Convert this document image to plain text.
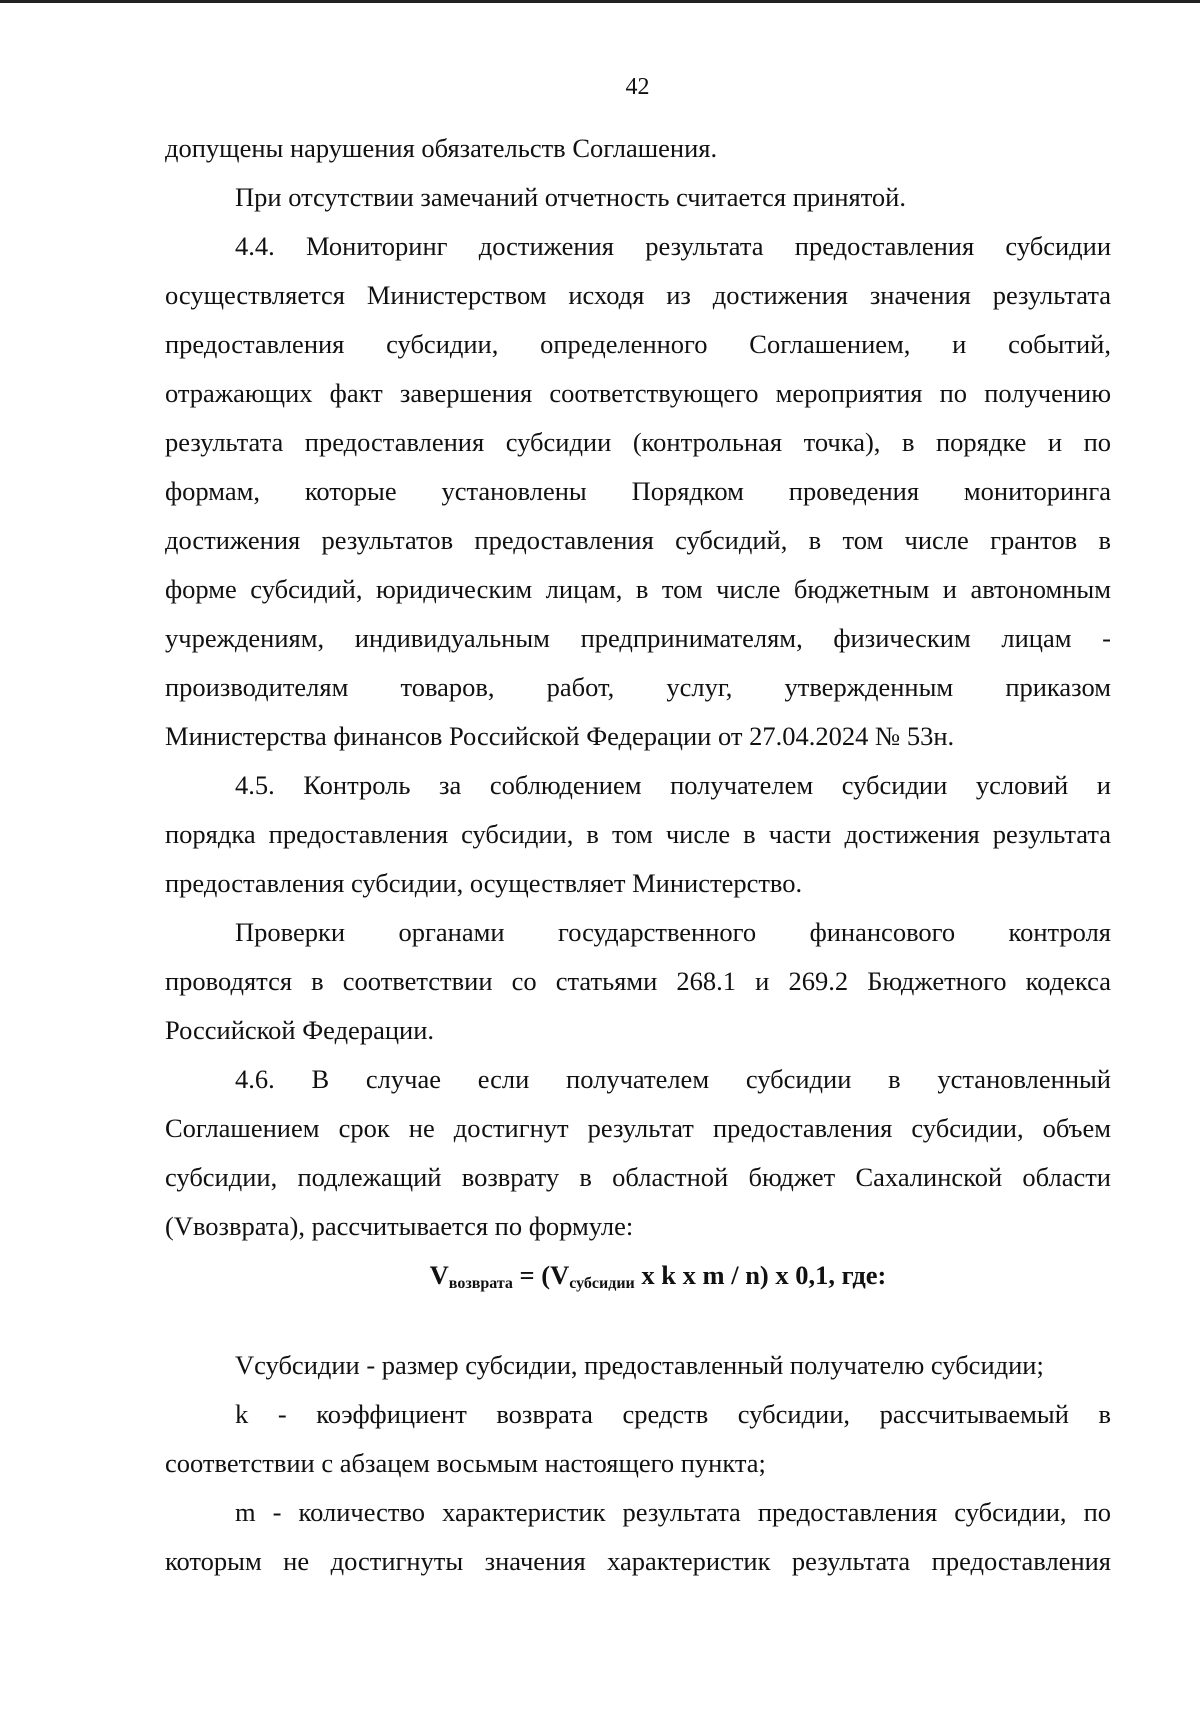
42

допущены нарушения обязательств Соглашения.

При отсутствии замечаний отчетность считается принятой.

4.4. Мониторинг достижения результата предоставления субсидии

осуществляется Министерством исходя из достижения значения результата

предоставления субсидии, определенного Соглашением, и событий,

отражающих факт завершения соответствующего мероприятия по получению

результата предоставления субсидии (контрольная точка), в порядке и по

формам, которые установлены Порядком проведения мониторинга

достижения результатов предоставления субсидий, в том числе грантов в

форме субсидий, юридическим лицам, в том числе бюджетным и автономным

учреждениям, индивидуальным предпринимателям, физическим лицам -

производителям товаров, работ, услуг, утвержденным приказом

Министерства финансов Российской Федерации от 27.04.2024 № 53н.

4.5. Контроль за соблюдением получателем субсидии условий и

порядка предоставления субсидии, в том числе в части достижения результата

предоставления субсидии, осуществляет Министерство.

Проверки органами государственного финансового контроля

проводятся в соответствии со статьями 268.1 и 269.2 Бюджетного кодекса

Российской Федерации.

4.6. В случае если получателем субсидии в установленный

Соглашением срок не достигнут результат предоставления субсидии, объем

субсидии, подлежащий возврату в областной бюджет Сахалинской области

(Vвозврата), рассчитывается по формуле:

$V_{возврата} = (V_{субсидии}$ x k x m / n) x 0,1, где:

Vсубсидии - размер субсидии, предоставленный получателю субсидии;

k - коэффициент возврата средств субсидии, рассчитываемый в

соответствии с абзацем восьмым настоящего пункта;

m - количество характеристик результата предоставления субсидии, по

которым не достигнуты значения характеристик результата предоставления
